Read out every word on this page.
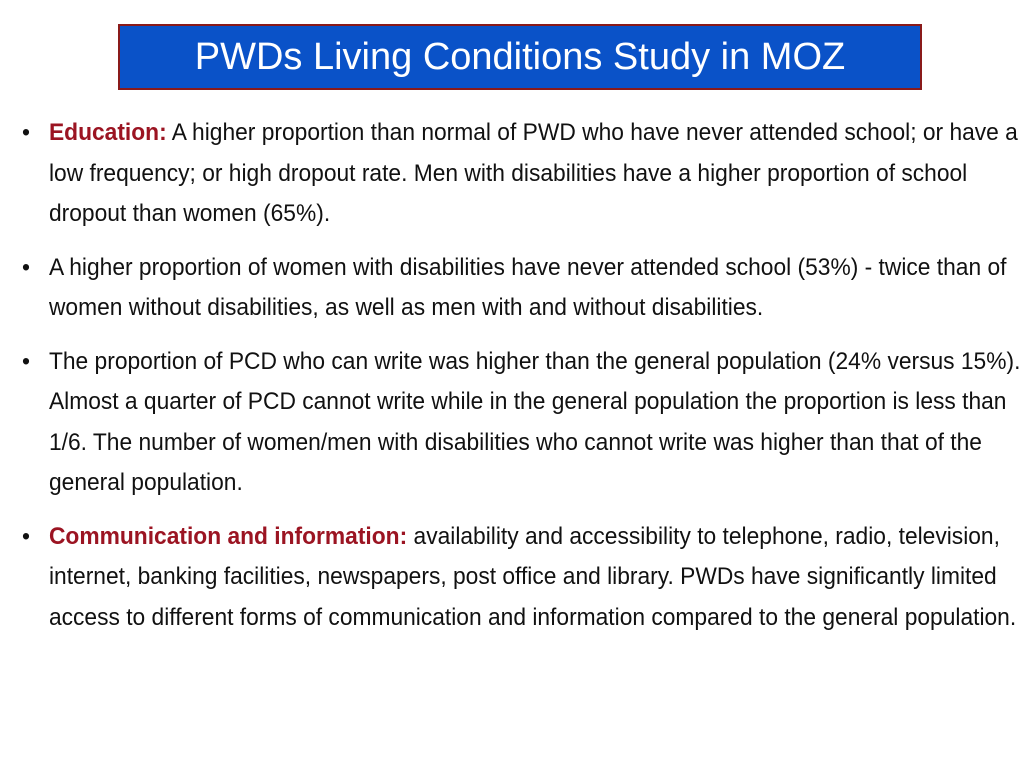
PWDs Living Conditions Study in MOZ
• Education: A higher proportion than normal of PWD who have never attended school; or have a low frequency; or high dropout rate. Men with disabilities have a higher proportion of school dropout than women (65%).
• A higher proportion of women with disabilities have never attended school (53%) - twice than of women without disabilities, as well as men with and without disabilities.
• The proportion of PCD who can write was higher than the general population (24% versus 15%). Almost a quarter of PCD cannot write while in the general population the proportion is less than 1/6. The number of women/men with disabilities who cannot write was higher than that of the general population.
• Communication and information: availability and accessibility to telephone, radio, television, internet, banking facilities, newspapers, post office and library. PWDs have significantly limited access to different forms of communication and information compared to the general population.
